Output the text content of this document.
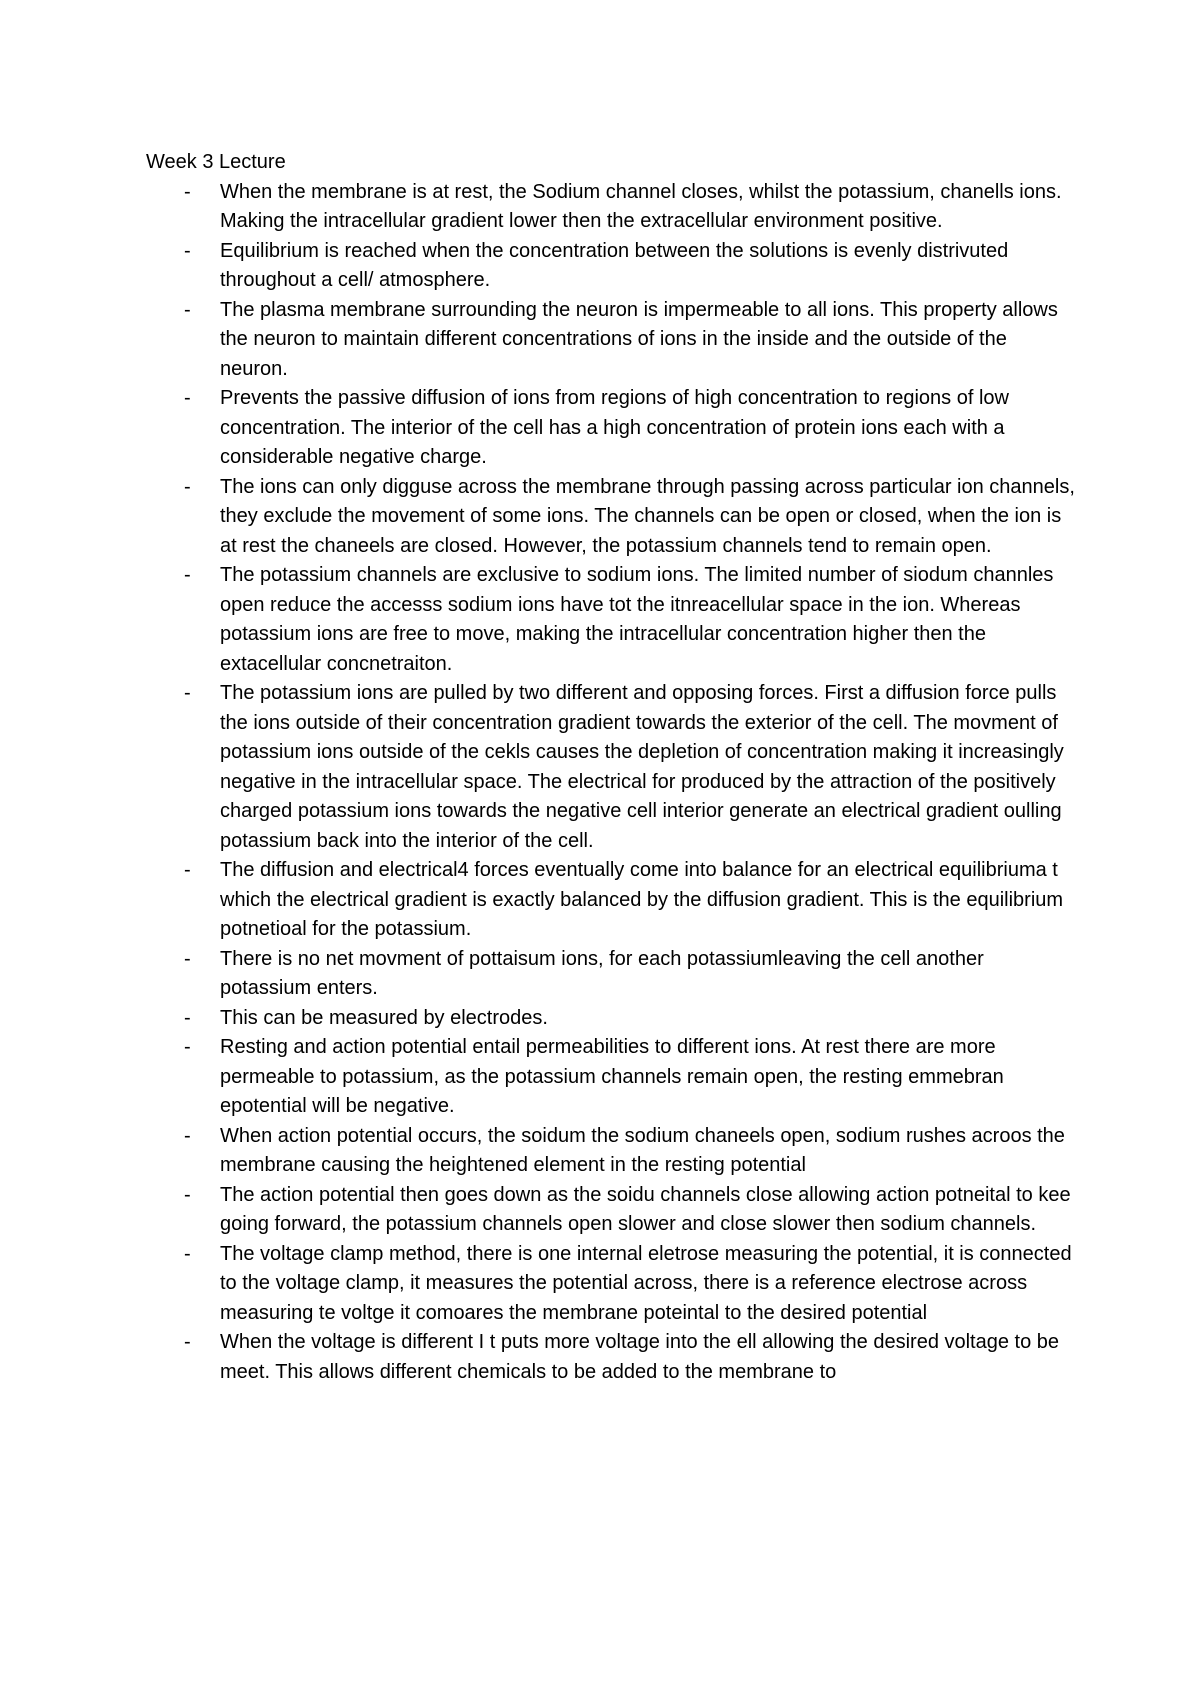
Week 3 Lecture
- When the membrane is at rest, the Sodium channel closes, whilst the potassium, chanells ions. Making the intracellular gradient lower then the extracellular environment positive.
- Equilibrium is reached when the concentration between the solutions is evenly distrivuted throughout a cell/ atmosphere.
- The plasma membrane surrounding the neuron is impermeable to all ions. This property allows the neuron to maintain different concentrations of ions in the inside and the outside of the neuron.
- Prevents the passive diffusion of ions from regions of high concentration to regions of low concentration. The interior of the cell has a high concentration of protein ions each with a considerable negative charge.
- The ions can only digguse across the membrane through passing across particular ion channels, they exclude the movement of some ions. The channels can be open or closed, when the ion is at rest the chaneels are closed. However, the potassium channels tend to remain open.
- The potassium channels are exclusive to sodium ions. The limited number of siodum channles open reduce the accesss sodium ions have tot the itnreacellular space in the ion. Whereas potassium ions are free to move, making the intracellular concentration higher then the extacellular concnetraiton.
- The potassium ions are pulled by two different and opposing forces. First a diffusion force pulls the ions outside of their concentration gradient towards the exterior of the cell. The movment of potassium ions outside of the cekls causes the depletion of concentration making it increasingly negative in the intracellular space. The electrical for produced by the attraction of the positively charged potassium ions towards the negative cell interior generate an electrical gradient oulling potassium back into the interior of the cell.
- The diffusion and electrical4 forces eventually come into balance for an electrical equilibriuma t which the electrical gradient is exactly balanced by the diffusion gradient. This is the equilibrium potnetioal for the potassium.
- There is no net movment of pottaisum ions, for each potassiumleaving the cell another potassium enters.
- This can be measured by electrodes.
- Resting and action potential entail permeabilities to different ions. At rest there are more permeable to potassium, as the potassium channels remain open, the resting emmebran epotential will be negative.
- When action potential occurs, the soidum the sodium chaneels open, sodium rushes acroos the membrane causing the heightened element in the resting potential
- The action potential then goes down as the soidu channels close allowing action potneital to kee going forward, the potassium channels open slower and close slower then sodium channels.
- The voltage clamp method, there is one internal eletrose measuring the potential, it is connected to the voltage clamp, it measures the potential across, there is a reference electrose across measuring te voltge it comoares the membrane poteintal to the desired potential
- When the voltage is different I t puts more voltage into the ell allowing the desired voltage to be meet. This allows different chemicals to be added to the membrane to
